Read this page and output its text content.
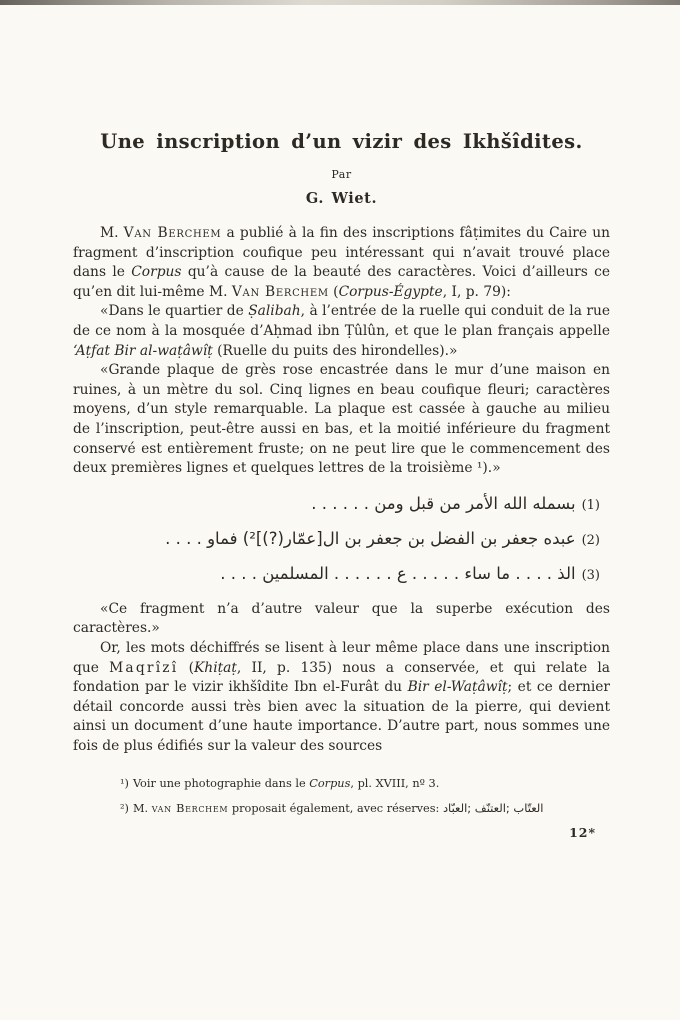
Une inscription d’un vizir des Ikhšîdites.
Par
G. Wiet.

M. Van Berchem a publié à la fin des inscriptions fâṭimites du Caire un fragment d’inscription coufique peu intéressant qui n’avait trouvé place dans le Corpus qu’à cause de la beauté des caractères. Voici d’ailleurs ce qu’en dit lui-même M. Van Berchem (Corpus-Égypte, I, p. 79):

«Dans le quartier de Ṣalibah, à l’entrée de la ruelle qui conduit de la rue de ce nom à la mosquée d’Aḥmad ibn Ṭûlûn, et que le plan français appelle ‘Aṭfat Bir al-waṭâwîṭ (Ruelle du puits des hirondelles).»

«Grande plaque de grès rose encastrée dans le mur d’une maison en ruines, à un mètre du sol. Cinq lignes en beau coufique fleuri; caractères moyens, d’un style remarquable. La plaque est cassée à gauche au milieu de l’inscription, peut-être aussi en bas, et la moitié inférieure du fragment conservé est entièrement fruste; on ne peut lire que le commencement des deux premières lignes et quelques lettres de la troisième ¹).»

بسمله الله الأمر من قبل ومن . . . . . . (1)
عبده جعفر بن الفضل بن جعفر بن ال[عمّار(?)]²) فماو . . . . (2)
الذ . . . . ما ساء . . . . . ع . . . . . . المسلمين . . . . (3)

«Ce fragment n’a d’autre valeur que la superbe exécution des caractères.»

Or, les mots déchiffrés se lisent à leur même place dans une inscription que Maqrîzî (Khiṭaṭ, II, p. 135) nous a conservée, et qui relate la fondation par le vizir ikhšîdite Ibn el-Furât du Bir el-Waṭâwîṭ; et ce dernier détail concorde aussi très bien avec la situation de la pierre, qui devient ainsi un document d’une haute importance. D’autre part, nous sommes une fois de plus édifiés sur la valeur des sources

¹) Voir une photographie dans le Corpus, pl. XVIII, nº 3.

²) M. van Berchem proposait également, avec réserves: العتّاب ;العتنّف ;العبّاد

12*
